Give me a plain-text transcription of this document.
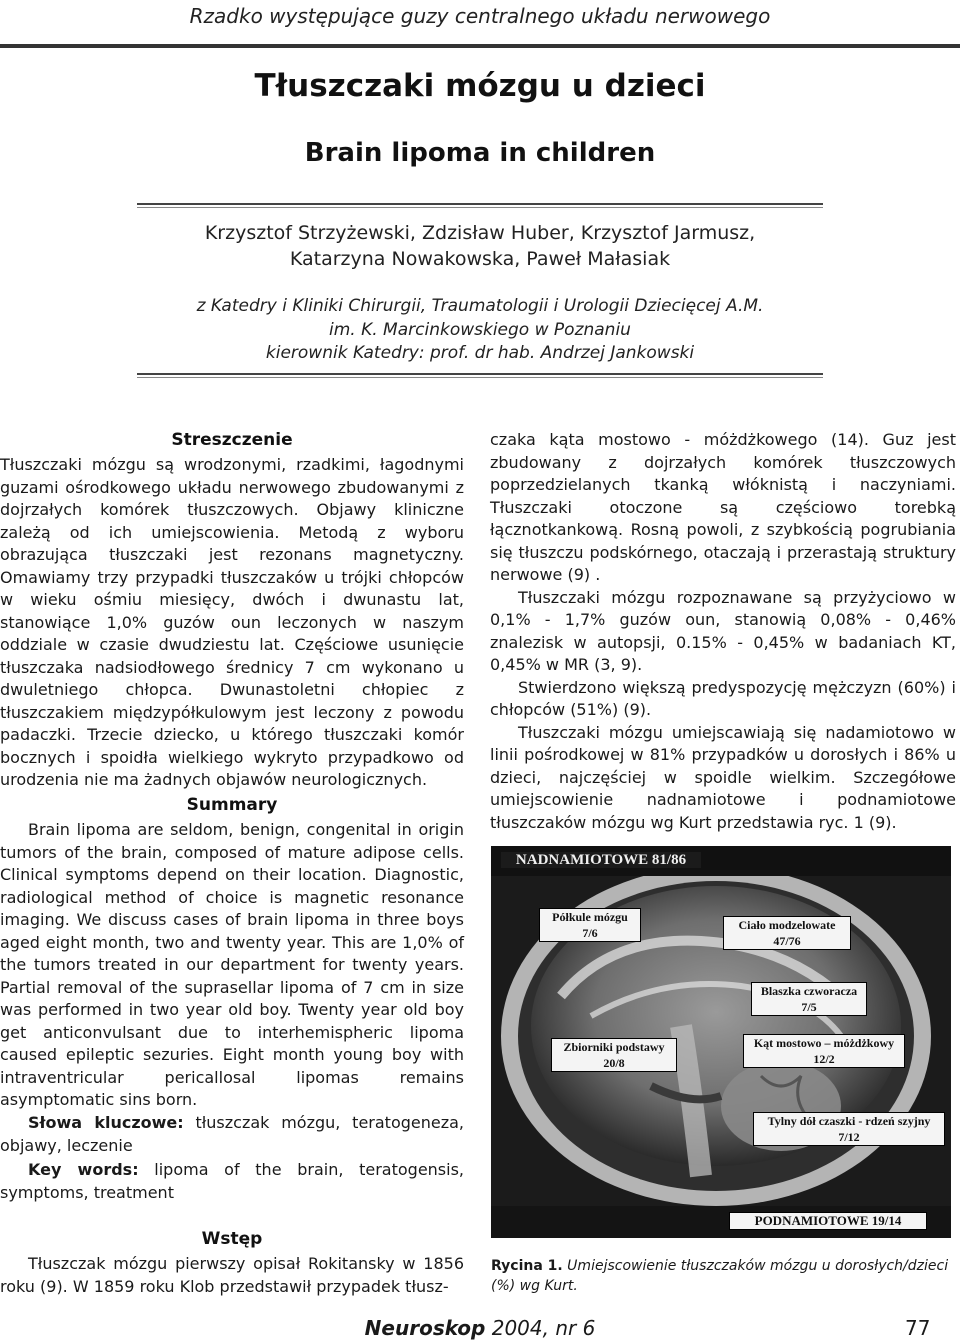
Rzadko występujące guzy centralnego układu nerwowego
Tłuszczaki mózgu u dzieci
Brain lipoma in children
Krzysztof Strzyżewski, Zdzisław Huber, Krzysztof Jarmusz,
Katarzyna Nowakowska, Paweł Małasiak
z Katedry i Kliniki Chirurgii, Traumatologii i Urologii Dziecięcej A.M.
im. K. Marcinkowskiego w Poznaniu
kierownik Katedry: prof. dr hab. Andrzej Jankowski
Streszczenie

Tłuszczaki mózgu są wrodzonymi, rzadkimi, łagodnymi guzami ośrodkowego układu nerwowego zbudowanymi z dojrzałych komórek tłuszczowych. Objawy kliniczne zależą od ich umiejscowienia. Metodą z wyboru obrazująca tłuszczaki jest rezonans magnetyczny. Omawiamy trzy przypadki tłuszczaków u trójki chłopców w wieku ośmiu miesięcy, dwóch i dwunastu lat, stanowiące 1,0% guzów oun leczonych w naszym oddziale w czasie dwudziestu lat. Częściowe usunięcie tłuszczaka nadsiodłowego średnicy 7 cm wykonano u dwuletniego chłopca. Dwunastoletni chłopiec z tłuszczakiem międzypółkulowym jest leczony z powodu padaczki. Trzecie dziecko, u którego tłuszczaki komór bocznych i spoidła wielkiego wykryto przypadkowo od urodzenia nie ma żadnych objawów neurologicznych.

Summary

Brain lipoma are seldom, benign, congenital in origin tumors of the brain, composed of mature adipose cells. Clinical symptoms depend on their location. Diagnostic, radiological method of choice is magnetic resonance imaging. We discuss cases of brain lipoma in three boys aged eight month, two and twenty year. This are 1,0% of the tumors treated in our department for twenty years. Partial removal of the suprasellar lipoma of 7 cm in size was performed in two year old boy. Twenty year old boy get anticonvulsant due to interhemispheric lipoma caused epileptic sezuries. Eight month young boy with intraventricular pericallosal lipomas remains asymptomatic sins born.

Słowa kluczowe: tłuszczak mózgu, teratogeneza, objawy, leczenie

Key words: lipoma of the brain, teratogensis, symptoms, treatment

Wstęp

Tłuszczak mózgu pierwszy opisał Rokitansky w 1856 roku (9). W 1859 roku Klob przedstawił przypadek tłusz-

czaka kąta mostowo - móżdżkowego (14). Guz jest zbudowany z dojrzałych komórek tłuszczowych poprzedzielanych tkanką włóknistą i naczyniami. Tłuszczaki otoczone są częściowo torebką łącznotkankową. Rosną powoli, z szybkością pogrubiania się tłuszczu podskórnego, otaczają i przerastają struktury nerwowe (9) .

Tłuszczaki mózgu rozpoznawane są przyżyciowo w 0,1% - 1,7% guzów oun, stanowią 0,08% - 0,46% znalezisk w autopsji, 0.15% - 0,45% w badaniach KT, 0,45% w MR (3, 9).

Stwierdzono większą predyspozycję mężczyzn (60%) i chłopców (51%) (9).

Tłuszczaki mózgu umiejscawiają się nadamiotowo w linii pośrodkowej w 81% przypadków u dorosłych i 86% u dzieci, najczęściej w spoidle wielkim. Szczegółowe umiejscowienie nadnamiotowe i podnamiotowe tłuszczaków mózgu wg Kurt przedstawia ryc. 1 (9).

NADNAMIOTOWE 81/86
Półkule mózgu
7/6
Ciało modzelowate
47/76
Blaszka czworacza
7/5
Kąt mostowo – móżdżkowy
12/2
Zbiorniki podstawy
20/8
Tylny dół czaszki - rdzeń szyjny
7/12
PODNAMIOTOWE 19/14
Rycina 1. Umiejscowienie tłuszczaków mózgu u dorosłych/dzieci (%) wg Kurt.
Neuroskop 2004, nr 6	77
